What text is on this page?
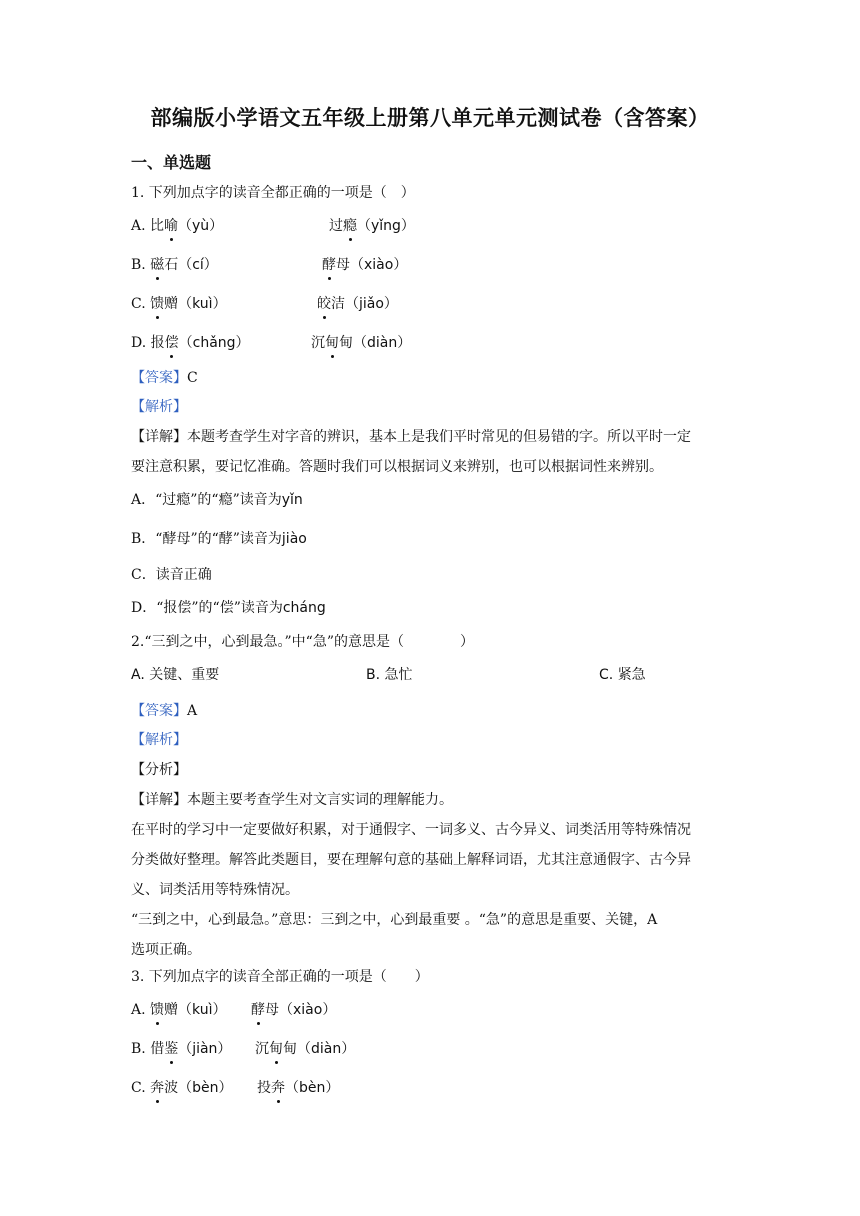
部编版小学语文五年级上册第八单元单元测试卷（含答案）
一、单选题
1. 下列加点字的读音全都正确的一项是（　）
A. 比喻（yù）	过瘾（yǐng）
B. 磁石（cí）	酵母（xiào）
C. 馈赠（kuì）	皎洁（jiǎo）
D. 报偿（chǎng）	沉甸甸（diàn）
【答案】C
【解析】
【详解】本题考查学生对字音的辨识，基本上是我们平时常见的但易错的字。所以平时一定
要注意积累，要记忆准确。答题时我们可以根据词义来辨别，也可以根据词性来辨别。
A．“过瘾”的“瘾”读音为yǐn
B．“酵母”的“酵”读音为jiào
C．读音正确
D．“报偿”的“偿”读音为cháng
2.“三到之中，心到最急。”中“急”的意思是（　　　　）
A. 关键、重要	B. 急忙	C. 紧急
【答案】A
【解析】
【分析】
【详解】本题主要考查学生对文言实词的理解能力。
在平时的学习中一定要做好积累，对于通假字、一词多义、古今异义、词类活用等特殊情况
分类做好整理。解答此类题目，要在理解句意的基础上解释词语，尤其注意通假字、古今异
义、词类活用等特殊情况。
“三到之中，心到最急。”意思：三到之中，心到最重要 。“急”的意思是重要、关键，A
选项正确。
3. 下列加点字的读音全部正确的一项是（　　）
A. 馈赠（kuì） 酵母（xiào）
B. 借鉴（jiàn） 沉甸甸（diàn）
C. 奔波（bèn） 投奔（bèn）
